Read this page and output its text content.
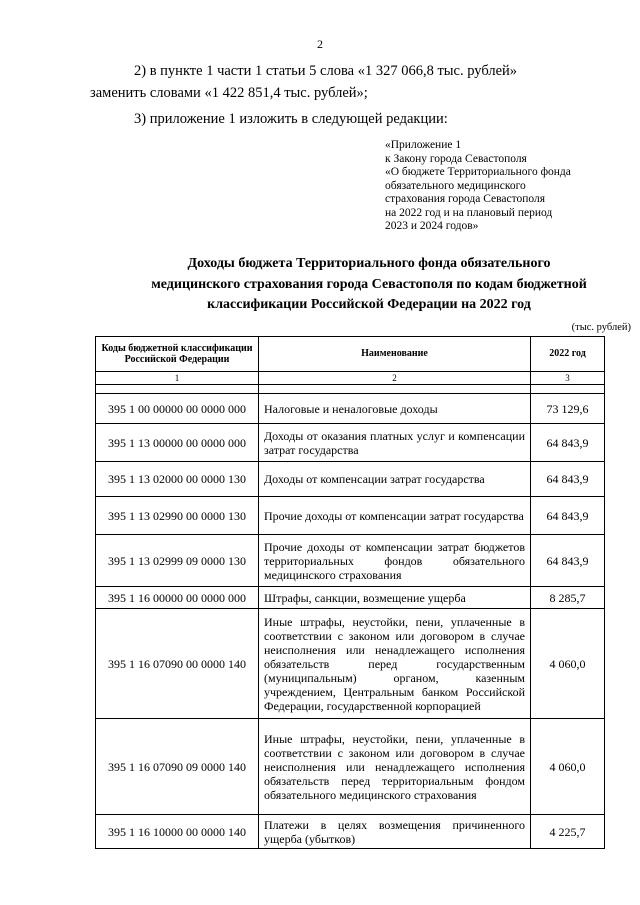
2
2) в пункте 1 части 1 статьи 5 слова «1 327 066,8 тыс. рублей»
заменить словами «1 422 851,4 тыс. рублей»;
3) приложение 1 изложить в следующей редакции:
«Приложение 1
к Закону города Севастополя
«О бюджете Территориального фонда
обязательного медицинского
страхования города Севастополя
на 2022 год и на плановый период
2023 и 2024 годов»
Доходы бюджета Территориального фонда обязательного
медицинского страхования города Севастополя по кодам бюджетной
классификации Российской Федерации на 2022 год
(тыс. рублей)
Коды бюджетной классификации Российской Федерации	Наименование	2022 год
1	2	3

395 1 00 00000 00 0000 000	Налоговые и неналоговые доходы	73 129,6
395 1 13 00000 00 0000 000	Доходы от оказания платных услуг и компенсации затрат государства	64 843,9
395 1 13 02000 00 0000 130	Доходы от компенсации затрат государства	64 843,9
395 1 13 02990 00 0000 130	Прочие доходы от компенсации затрат государства	64 843,9
395 1 13 02999 09 0000 130	Прочие доходы от компенсации затрат бюджетов территориальных фондов обязательного медицинского страхования	64 843,9
395 1 16 00000 00 0000 000	Штрафы, санкции, возмещение ущерба	8 285,7
395 1 16 07090 00 0000 140	Иные штрафы, неустойки, пени, уплаченные в соответствии с законом или договором в случае неисполнения или ненадлежащего исполнения обязательств перед государственным (муниципальным) органом, казенным учреждением, Центральным банком Российской Федерации, государственной корпорацией	4 060,0
395 1 16 07090 09 0000 140	Иные штрафы, неустойки, пени, уплаченные в соответствии с законом или договором в случае неисполнения или ненадлежащего исполнения обязательств перед территориальным фондом обязательного медицинского страхования	4 060,0
395 1 16 10000 00 0000 140	Платежи в целях возмещения причиненного ущерба (убытков)	4 225,7
